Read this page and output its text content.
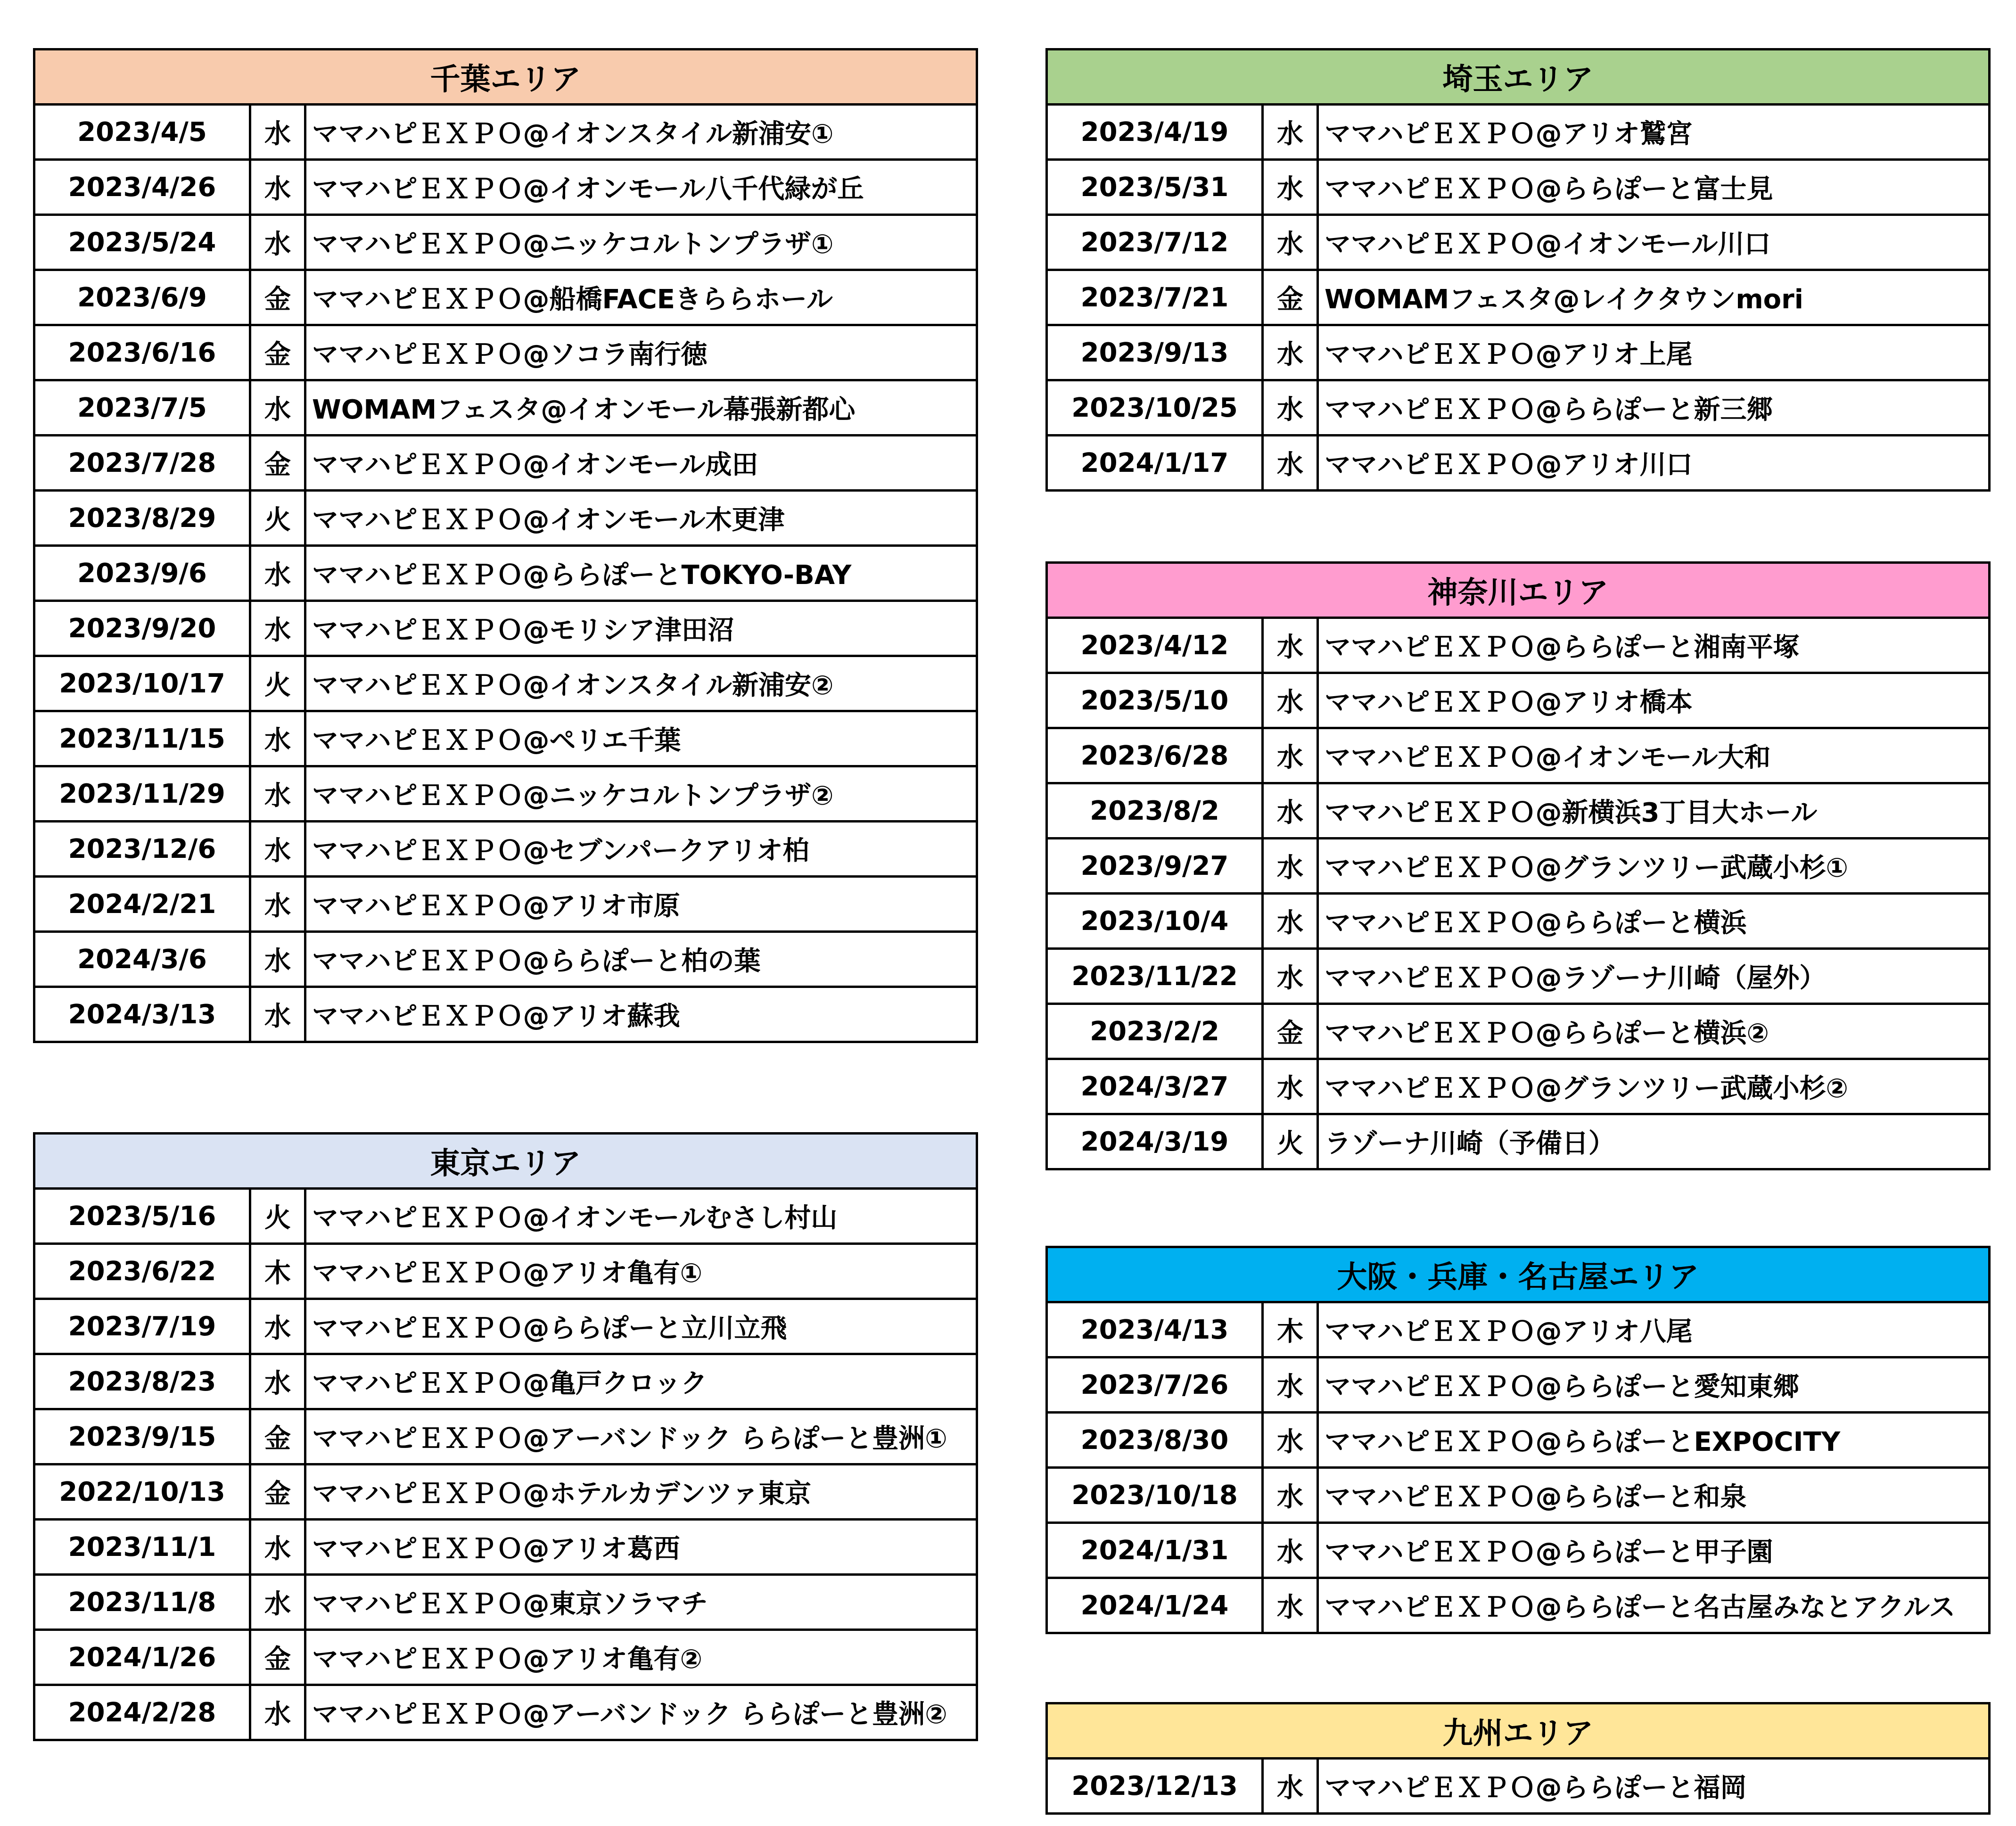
千葉エリア		
2023/4/5	水	ママハピＥＸＰＯ@イオンスタイル新浦安①
2023/4/26	水	ママハピＥＸＰＯ@イオンモール八千代緑が丘
2023/5/24	水	ママハピＥＸＰＯ@ニッケコルトンプラザ①
2023/6/9	金	ママハピＥＸＰＯ@船橋FACEきららホール
2023/6/16	金	ママハピＥＸＰＯ@ソコラ南行徳
2023/7/5	水	WOMAMフェスタ@イオンモール幕張新都心
2023/7/28	金	ママハピＥＸＰＯ@イオンモール成田
2023/8/29	火	ママハピＥＸＰＯ@イオンモール木更津
2023/9/6	水	ママハピＥＸＰＯ@ららぽーとTOKYO-BAY
2023/9/20	水	ママハピＥＸＰＯ@モリシア津田沼
2023/10/17	火	ママハピＥＸＰＯ@イオンスタイル新浦安②
2023/11/15	水	ママハピＥＸＰＯ@ペリエ千葉
2023/11/29	水	ママハピＥＸＰＯ@ニッケコルトンプラザ②
2023/12/6	水	ママハピＥＸＰＯ@セブンパークアリオ柏
2024/2/21	水	ママハピＥＸＰＯ@アリオ市原
2024/3/6	水	ママハピＥＸＰＯ@ららぽーと柏の葉
2024/3/13	水	ママハピＥＸＰＯ@アリオ蘇我
東京エリア		
2023/5/16	火	ママハピＥＸＰＯ@イオンモールむさし村山
2023/6/22	木	ママハピＥＸＰＯ@アリオ亀有①
2023/7/19	水	ママハピＥＸＰＯ@ららぽーと立川立飛
2023/8/23	水	ママハピＥＸＰＯ@亀戸クロック
2023/9/15	金	ママハピＥＸＰＯ@アーバンドック ららぽーと豊洲①
2022/10/13	金	ママハピＥＸＰＯ@ホテルカデンツァ東京
2023/11/1	水	ママハピＥＸＰＯ@アリオ葛西
2023/11/8	水	ママハピＥＸＰＯ@東京ソラマチ
2024/1/26	金	ママハピＥＸＰＯ@アリオ亀有②
2024/2/28	水	ママハピＥＸＰＯ@アーバンドック ららぽーと豊洲②
埼玉エリア		
2023/4/19	水	ママハピＥＸＰＯ@アリオ鷲宮
2023/5/31	水	ママハピＥＸＰＯ@ららぽーと富士見
2023/7/12	水	ママハピＥＸＰＯ@イオンモール川口
2023/7/21	金	WOMAMフェスタ@レイクタウンmori
2023/9/13	水	ママハピＥＸＰＯ@アリオ上尾
2023/10/25	水	ママハピＥＸＰＯ@ららぽーと新三郷
2024/1/17	水	ママハピＥＸＰＯ@アリオ川口
神奈川エリア		
2023/4/12	水	ママハピＥＸＰＯ@ららぽーと湘南平塚
2023/5/10	水	ママハピＥＸＰＯ@アリオ橋本
2023/6/28	水	ママハピＥＸＰＯ@イオンモール大和
2023/8/2	水	ママハピＥＸＰＯ@新横浜3丁目大ホール
2023/9/27	水	ママハピＥＸＰＯ@グランツリー武蔵小杉①
2023/10/4	水	ママハピＥＸＰＯ@ららぽーと横浜
2023/11/22	水	ママハピＥＸＰＯ@ラゾーナ川崎（屋外）
2023/2/2	金	ママハピＥＸＰＯ@ららぽーと横浜②
2024/3/27	水	ママハピＥＸＰＯ@グランツリー武蔵小杉②
2024/3/19	火	ラゾーナ川崎（予備日）
大阪・兵庫・名古屋エリア		
2023/4/13	木	ママハピＥＸＰＯ@アリオ八尾
2023/7/26	水	ママハピＥＸＰＯ@ららぽーと愛知東郷
2023/8/30	水	ママハピＥＸＰＯ@ららぽーとEXPOCITY
2023/10/18	水	ママハピＥＸＰＯ@ららぽーと和泉
2024/1/31	水	ママハピＥＸＰＯ@ららぽーと甲子園
2024/1/24	水	ママハピＥＸＰＯ@ららぽーと名古屋みなとアクルス
九州エリア
2023/12/13	水	ママハピＥＸＰＯ@ららぽーと福岡
